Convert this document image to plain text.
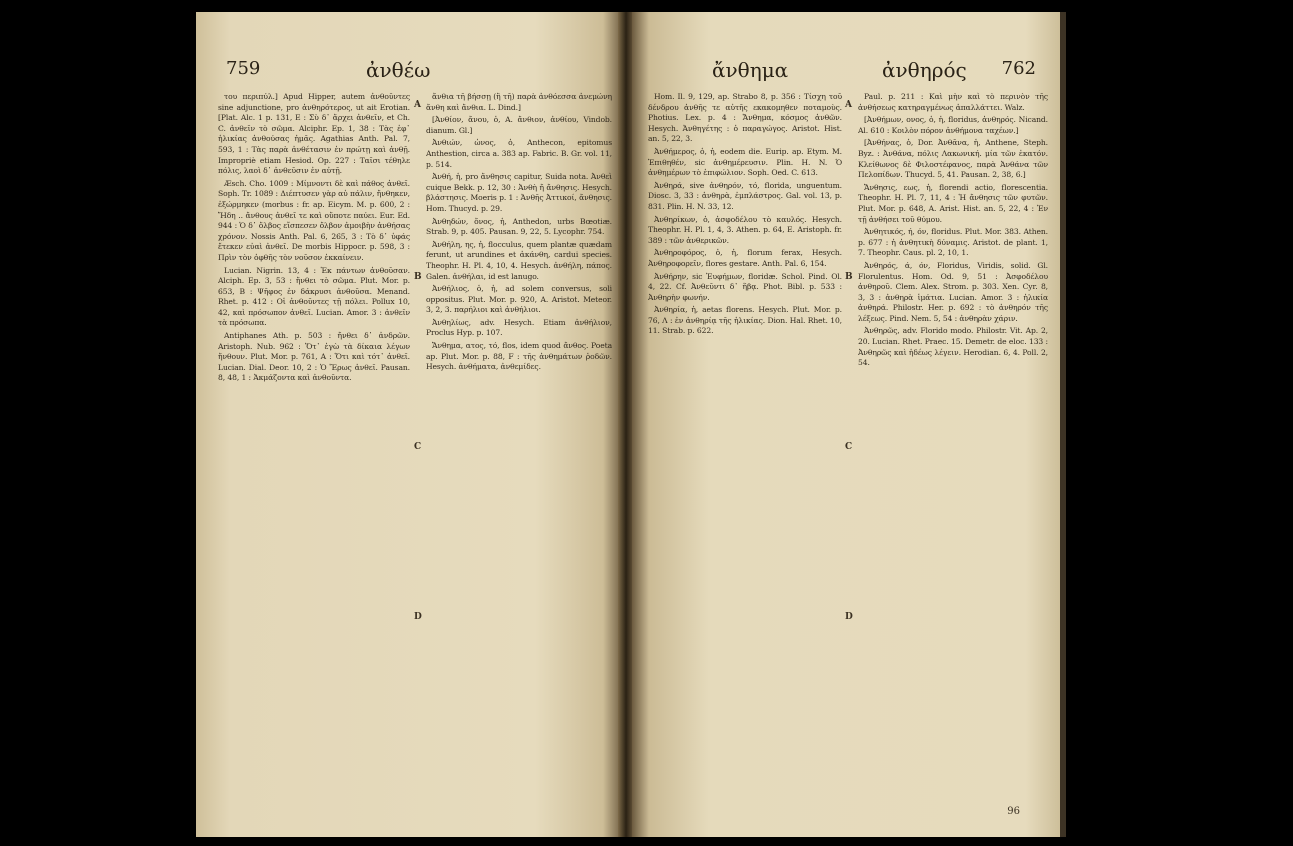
759	ἀνθέω

του περιπύλ.] Apud Hipper, autem ἀνθοῦντες sine adjunctione, pro ἀνθηρότερος, ut ait Erotian. [Plat. Alc. 1 p. 131, E : Σὺ δ᾽ ἄρχει ἀνθεῖν, et Ch. C. ἀνθεῖν τὸ σῶμα. Alciphr. Ep. 1, 38 : Τὰς ἐφ᾽ ἡλικίας ἀνθούσας ἡμᾶς. Agathias Anth. Pal. 7, 593, 1 : Τὰς παρὰ ἀνθέτασιν ἐν πρώτῃ καὶ ἀνθῇ. Impropriè etiam Hesiod. Op. 227 : Ταῖσι τέθηλε πόλις, λαοὶ δ᾽ ἀνθεῦσιν ἐν αὐτῇ.

Æsch. Cho. 1009 : Μίμνοντι δὲ καὶ πάθος ἀνθεῖ. Soph. Tr. 1089 : Διέπτυσεν γὰρ αὐ πάλιν, ἤνθηκεν, ἐξώρμηκεν (morbus : fr. ap. Eicym. M. p. 600, 2 : Ἤδη .. ἄνθους ἀνθεῖ τε καὶ οὔποτε παύει. Eur. Ed. 944 : Ὁ δ᾽ ὄλβος εἴσπεσεν ὄλβον ἀμοιβὴν ἀνθήσας χρόνον. Nossis Anth. Pal. 6, 265, 3 : Τὸ δ᾽ ὑφάς ἔτεκεν εὐαὶ ἀνθεῖ. De morbis Hippocr. p. 598, 3 : Πρὶν τὸν ὀφθῆς τὸν νοῦσον ἐκκαίνειν.

Lucian. Nigrin. 13, 4 : Ἐκ πάντων ἀνθοῦσαν. Alciph. Ep. 3, 53 : ἤνθει τὸ σῶμα. Plut. Mor. p. 653, B : Ψῆφος ἐν δάκρυσι ἀνθοῦσα. Menand. Rhet. p. 412 : Οἱ ἀνθοῦντες τῇ πόλει. Pollux 10, 42, καὶ πρόσωπον ἀνθεῖ. Lucian. Amor. 3 : ἀνθεῖν τὰ πρόσωπα.

Antiphanes Ath. p. 503 : ἤνθει δ᾽ ἀνδρῶν. Aristoph. Nub. 962 : Ὅτ᾽ ἐγὼ τὰ δίκαια λέγων ἤνθουν. Plut. Mor. p. 761, A : Ὅτι καὶ τότ᾽ ἀνθεῖ. Lucian. Dial. Deor. 10, 2 : Ὁ Ἔρως ἀνθεῖ. Pausan. 8, 48, 1 : Ἀκμάζοντα καὶ ἀνθοῦντα.

A
B
C
D

ἄνθια τῆ βήσσῃ (ἢ τῆ) παρὰ ἀνθόεσσα ἀνεμώνη ἄνθη καὶ ἄνθια. L. Dind.]

[Ἀνθίον, ἄνου, ὁ, A. ἄνθιον, ἀνθίου, Vindob. dianum. Gl.]

Ἀνθιών, ὡνος, ὁ, Anthecon, epitomus Anthestion, circa a. 383 ap. Fabric. B. Gr. vol. 11, p. 514.

Ἀνθή, ἡ, pro ἄνθησις capitur, Suida nota. Ἀνθεὶ cuique Bekk. p. 12, 30 : Ἀνθὴ ἤ ἄνθησις. Hesych. βλάστησις. Moeris p. 1 : Ἀνθῆς Ἀττικοί, ἄνθησις. Hom. Thucyd. p. 29.

Ἀνθηδών, ὄνος, ἡ, Anthedon, urbs Bœotiæ. Strab. 9, p. 405. Pausan. 9, 22, 5. Lycophr. 754.

Ἀνθήλη, ης, ἡ, flocculus, quem plantæ quædam ferunt, ut arundines et ἀκάνθη, cardui species. Theophr. H. Pl. 4, 10, 4. Hesych. ἀνθήλη, πάπος. Galen. ἀνθήλαι, id est lanugo.

Ἀνθήλιος, ὁ, ἡ, ad solem conversus, soli oppositus. Plut. Mor. p. 920, A. Aristot. Meteor. 3, 2, 3. παρήλιοι καὶ ἀνθήλιοι.

Ἀνθηλίως, adv. Hesych. Etiam ἀνθήλιον, Proclus Hyp. p. 107.

Ἄνθημα, ατος, τό, flos, idem quod ἄνθος. Poeta ap. Plut. Mor. p. 88, F : τῆς ἀνθημάτων ῥοδῶν. Hesych. ἀνθήματα, ἀνθεμίδες.

ἄνθημα	ἀνθηρός 762

Hom. Il. 9, 129, ap. Strabo 8, p. 356 : Τίσχη τοῦ δένδρου ἀνθῆς τε αὐτῆς εκακομηθεν ποταμοὺς. Photius. Lex. p. 4 : Ἄνθημα, κόσμος ἀνθῶν. Hesych. Ἀνθηγέτης : ὁ παραγώγος. Aristot. Hist. an. 5, 22, 3.

Ἀνθήμερος, ὁ, ἡ, eodem die. Eurip. ap. Etym. M. Ἐπιθηθέν, sic ἀνθημέρευσιν. Plin. H. N. Ὁ ἀνθημέρων τὸ ἐπιφώλιον. Soph. Oed. C. 613.

Ἀνθηρά, sive ἀνθηρόν, τό, florida, unguentum. Diosc. 3, 33 : ἀνθηρὰ, ἐμπλάστρος. Gal. vol. 13, p. 831. Plin. H. N. 33, 12.

Ἀνθηρίκων, ὁ, ἀσφοδέλου τὸ καυλός. Hesych. Theophr. H. Pl. 1, 4, 3. Athen. p. 64, E. Aristoph. fr. 389 : τῶν ἀνθερικῶν.

Ἀνθηροφόρος, ὁ, ἡ, florum ferax, Hesych. Ἀνθηροφορεῖν, flores gestare. Anth. Pal. 6, 154.

Ἀνθήρην, sic Ἐυφήμων, floridæ. Schol. Pind. Ol. 4, 22. Cf. Ἀνθεῦντι δ᾽ ἥβᾳ. Phot. Bibl. p. 533 : Ἀνθηρὴν φωνήν.

Ἀνθηρία, ἡ, aetas florens. Hesych. Plut. Mor. p. 76, Λ : ἐν ἀνθηρίᾳ τῆς ἡλικίας. Dion. Hal. Rhet. 10, 11. Strab. p. 622.

A
B
C
D

Paul. p. 211 : Καὶ μὴν καὶ τὸ περινὸν τῆς ἀνθήσεως κατηραγμένως ἀπαλλάττει. Walz.

[Ἀνθήμων, ονος, ὁ, ἡ, floridus, ἀνθηρός. Nicand. Al. 610 : Κοιλὸν πόρον ἀνθήμονα ταχέων.]

[Ἀνθήνας, ὁ, Dor. Ἀνθᾶνα, ἡ, Anthene, Steph. Byz. : Ἀνθάνα, πόλις Λακωνική. μία τῶν ἑκατόν. Κλείθωνος δὲ Φιλοστέφανος, παρὰ Ἀνθάνα τῶν Πελοπίδων. Thucyd. 5, 41. Pausan. 2, 38, 6.]

Ἄνθησις, εως, ἡ, florendi actio, florescentia. Theophr. H. Pl. 7, 11, 4 : Ἡ ἄνθησις τῶν φυτῶν. Plut. Mor. p. 648, A. Arist. Hist. an. 5, 22, 4 : Ἐν τῇ ἀνθήσει τοῦ θύμου.

Ἀνθητικός, ή, όν, floridus. Plut. Mor. 383. Athen. p. 677 : ἡ ἀνθητικὴ δύναμις. Aristot. de plant. 1, 7. Theophr. Caus. pl. 2, 10, 1.

Ἀνθηρός, ά, όν, Floridus, Viridis, solid. Gl. Florulentus. Hom. Od. 9, 51 : Ἀσφοδέλου ἀνθηροῦ. Clem. Alex. Strom. p. 303. Xen. Cyr. 8, 3, 3 : ἀνθηρὰ ἱμάτια. Lucian. Amor. 3 : ἡλικία ἀνθηρά. Philostr. Her. p. 692 : τὸ ἀνθηρόν τῆς λέξεως. Pind. Nem. 5, 54 : ἀνθηρὰν χάριν.

Ἀνθηρῶς, adv. Florido modo. Philostr. Vit. Ap. 2, 20. Lucian. Rhet. Praec. 15. Demetr. de eloc. 133 : Ἀνθηρῶς καὶ ἡδέως λέγειν. Herodian. 6, 4. Poll. 2, 54.

96
